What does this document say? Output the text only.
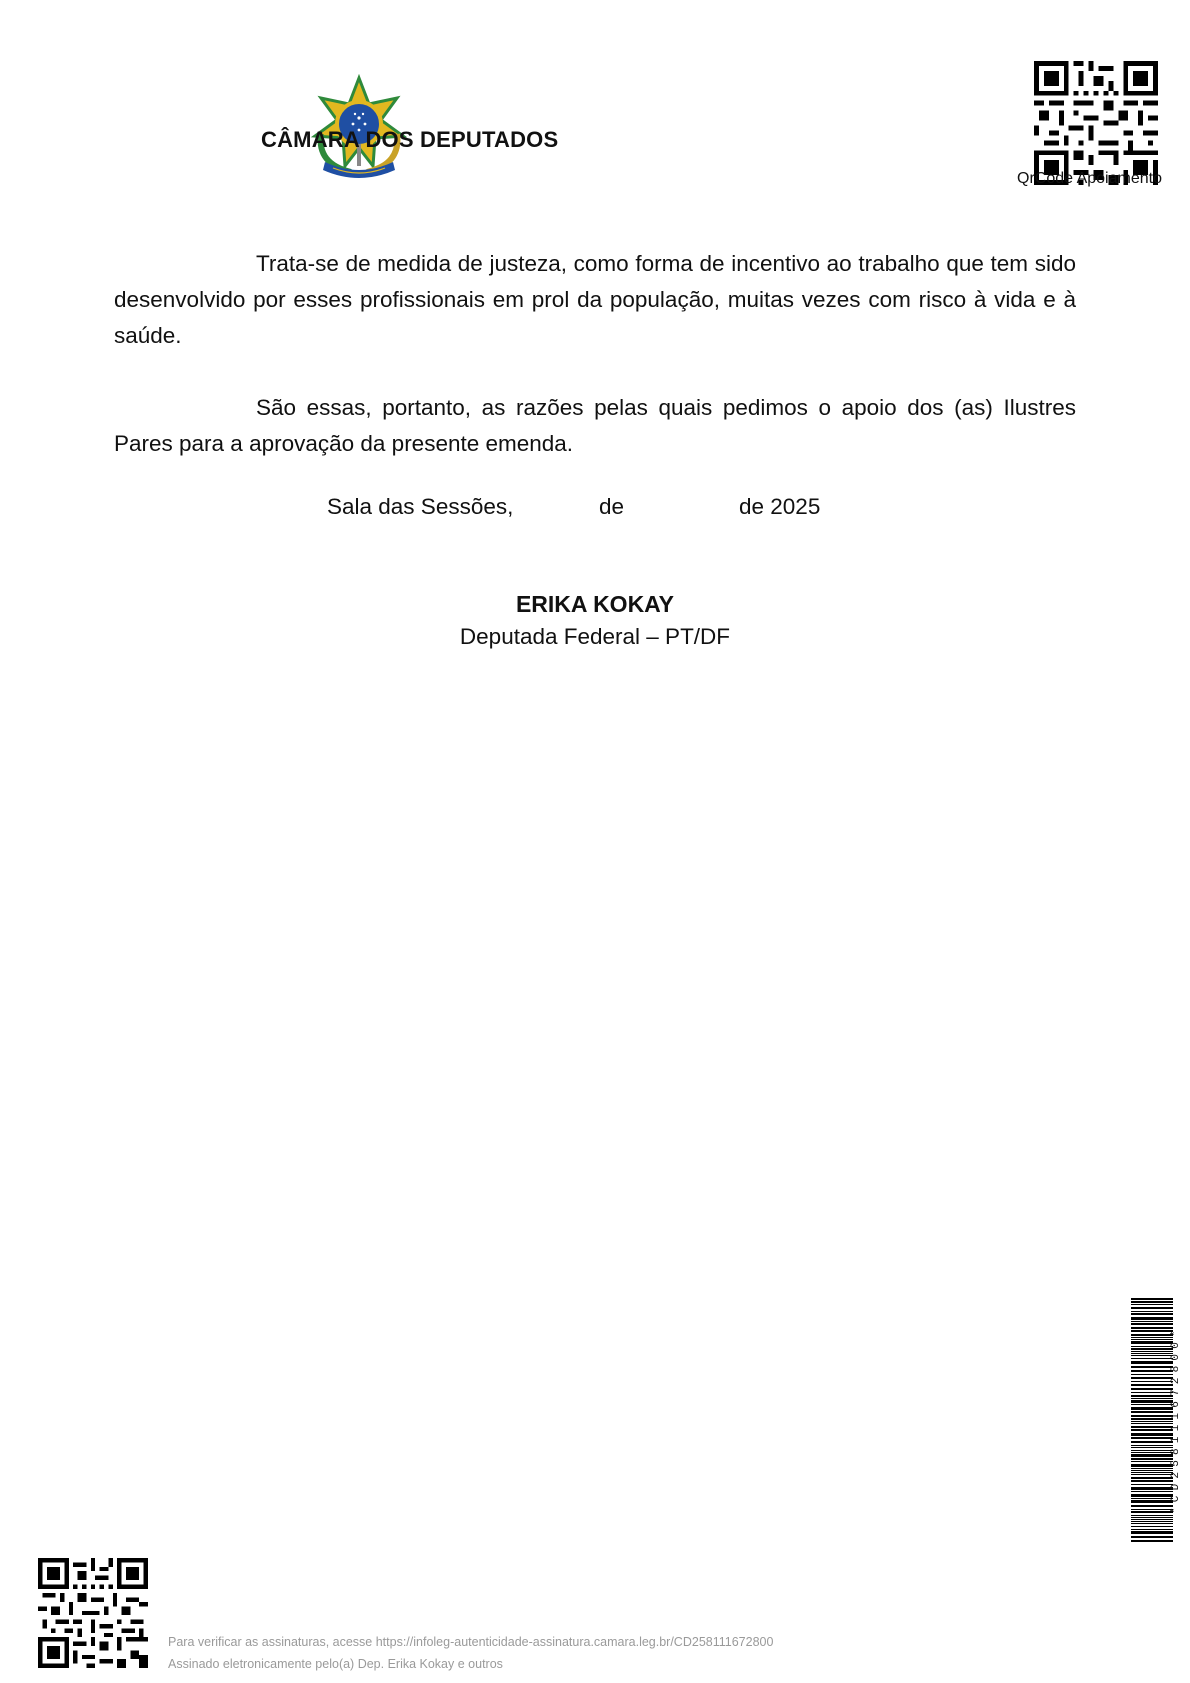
CÂMARA DOS DEPUTADOS
QrCode Apoiamento
Trata-se de medida de justeza, como forma de incentivo ao trabalho que tem sido desenvolvido por esses profissionais em prol da população, muitas vezes com risco à vida e à saúde.
São essas, portanto, as razões pelas quais pedimos o apoio dos (as) Ilustres Pares para a aprovação da presente emenda.
Sala das Sessões,	de	de 2025
ERIKA KOKAY
Deputada Federal – PT/DF
*CD258111672800*
Para verificar as assinaturas, acesse https://infoleg-autenticidade-assinatura.camara.leg.br/CD258111672800
Assinado eletronicamente pelo(a) Dep. Erika Kokay e outros
